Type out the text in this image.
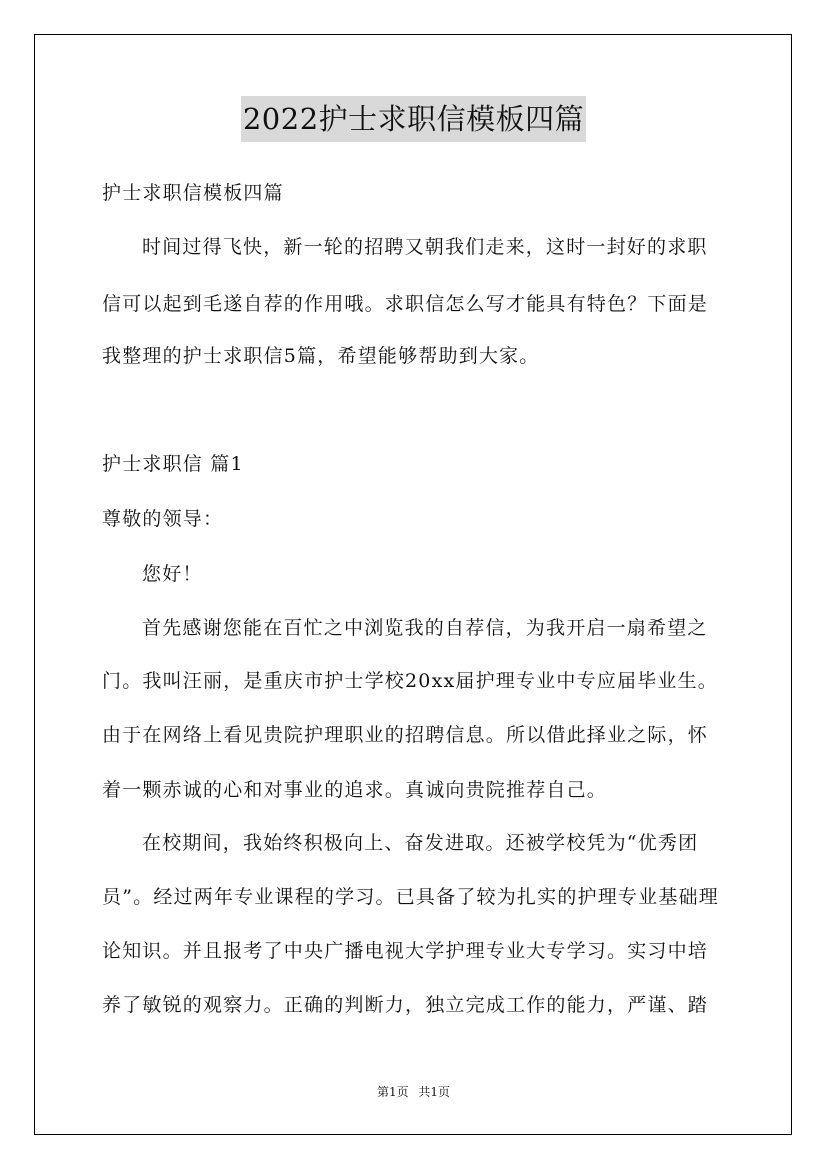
2022护士求职信模板四篇
护士求职信模板四篇
时间过得飞快，新一轮的招聘又朝我们走来，这时一封好的求职
信可以起到毛遂自荐的作用哦。求职信怎么写才能具有特色？下面是
我整理的护士求职信5篇，希望能够帮助到大家。
护士求职信 篇1
尊敬的领导：
您好！
首先感谢您能在百忙之中浏览我的自荐信，为我开启一扇希望之
门。我叫汪丽，是重庆市护士学校20xx届护理专业中专应届毕业生。
由于在网络上看见贵院护理职业的招聘信息。所以借此择业之际，怀
着一颗赤诚的心和对事业的追求。真诚向贵院推荐自己。
在校期间，我始终积极向上、奋发进取。还被学校凭为“优秀团
员”。经过两年专业课程的学习。已具备了较为扎实的护理专业基础理
论知识。并且报考了中央广播电视大学护理专业大专学习。实习中培
养了敏锐的观察力。正确的判断力，独立完成工作的能力，严谨、踏
第1页 共1页
